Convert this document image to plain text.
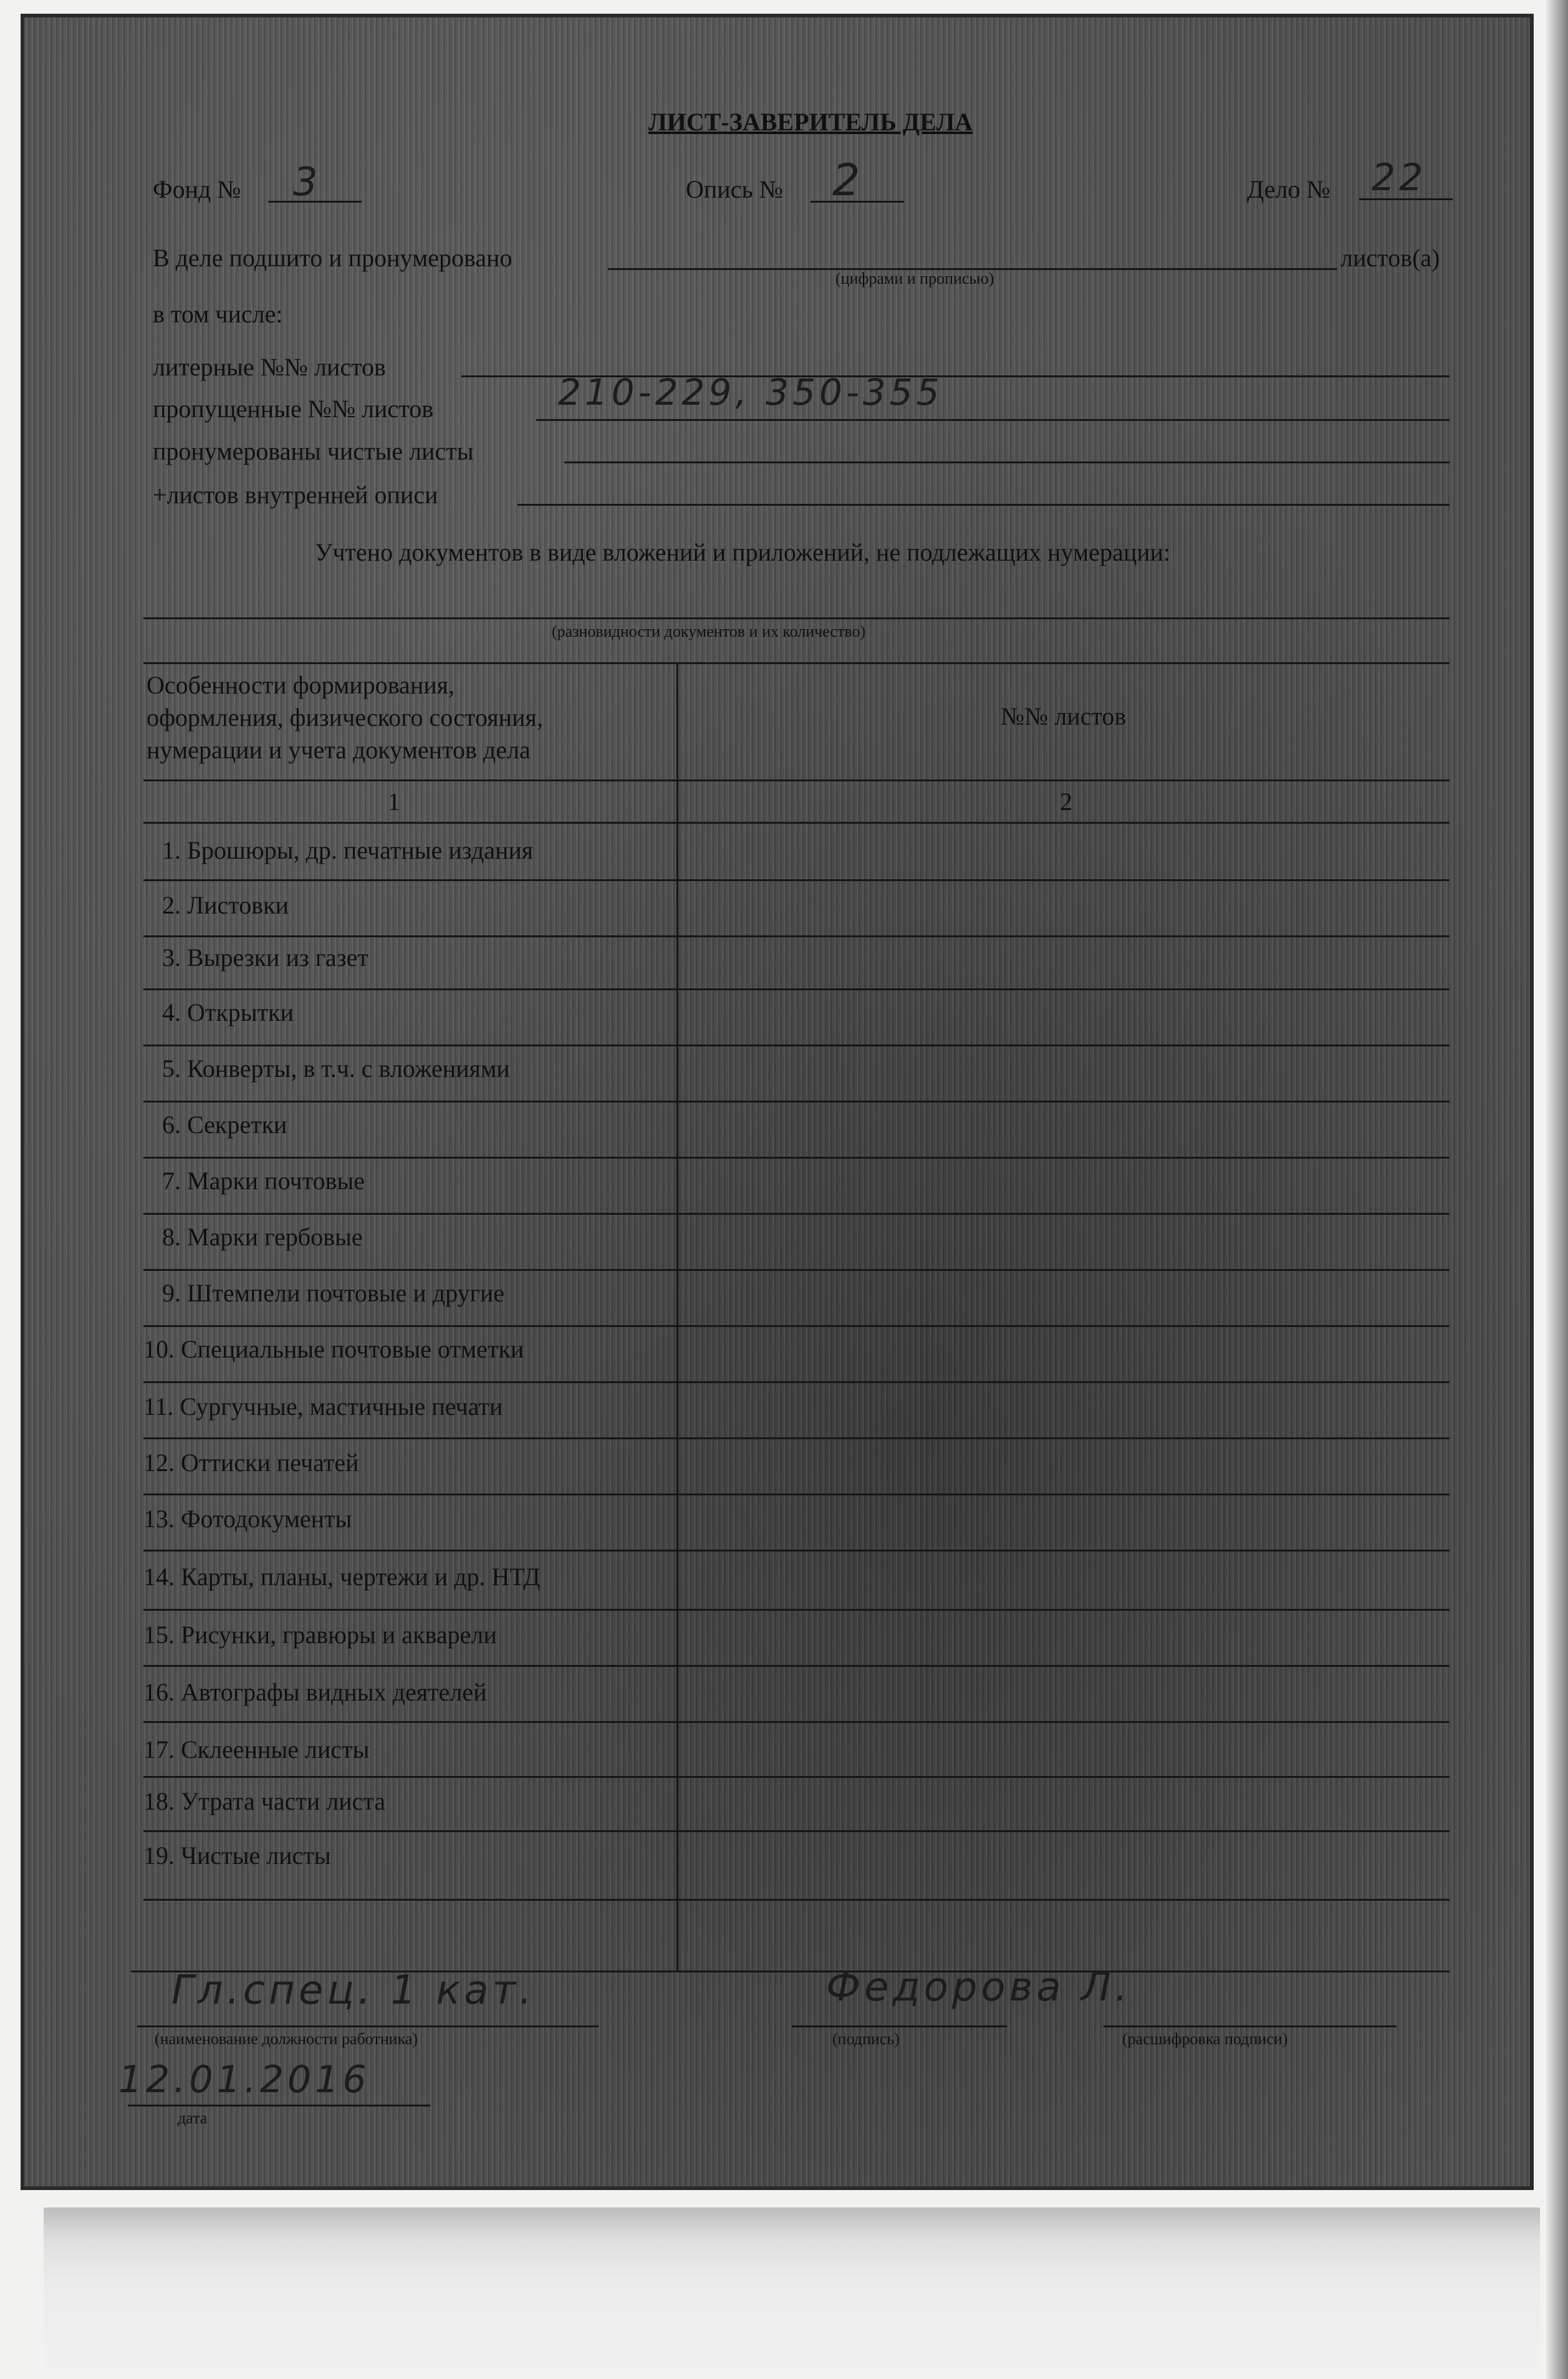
ЛИСТ-ЗАВЕРИТЕЛЬ ДЕЛА
Фонд № 3	Опись № 2	Дело № 22
В деле подшито и пронумеровано	листов(а)
(цифрами и прописью)
в том числе:
литерные №№ листов
пропущенные №№ листов	210-229, 350-355
пронумерованы чистые листы
+листов внутренней описи
Учтено документов в виде вложений и приложений, не подлежащих нумерации:
(разновидности документов и их количество)
Особенности формирования,
оформления, физического состояния,
нумерации и учета документов дела
№№ листов
1	2
1. Брошюры, др. печатные издания
2. Листовки
3. Вырезки из газет
4. Открытки
5. Конверты, в т.ч. с вложениями
6. Секретки
7. Марки почтовые
8. Марки гербовые
9. Штемпели почтовые и другие
10. Специальные почтовые отметки
11. Сургучные, мастичные печати
12. Оттиски печатей
13. Фотодокументы
14. Карты, планы, чертежи и др. НТД
15. Рисунки, гравюры и акварели
16. Автографы видных деятелей
17. Склеенные листы
18. Утрата части листа
19. Чистые листы
Гл.спец. 1 кат.
(наименование должности работника)
Федорова Л.
(подпись)	(расшифровка подписи)
12.01.2016
дата
